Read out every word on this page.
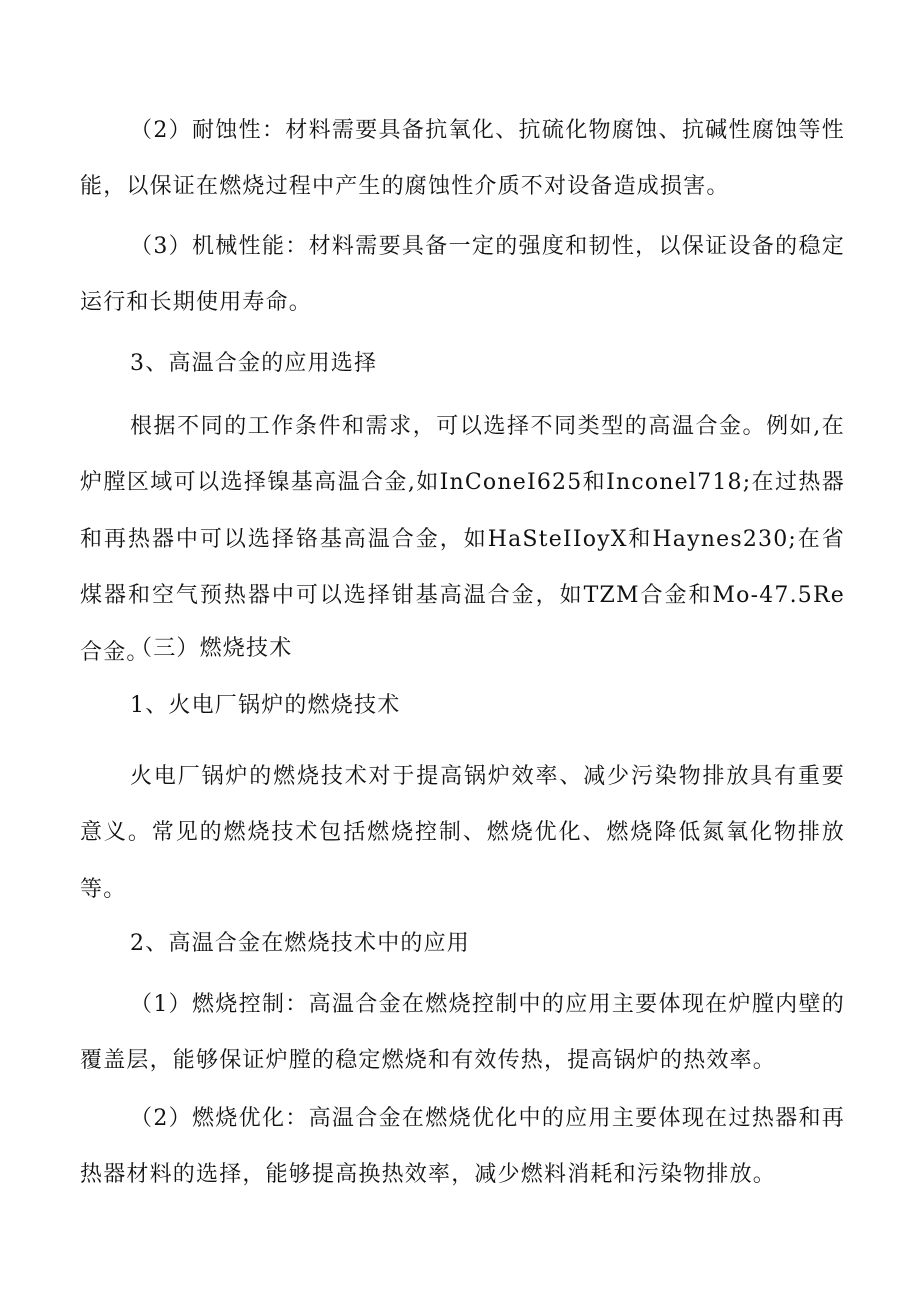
（2）耐蚀性：材料需要具备抗氧化、抗硫化物腐蚀、抗碱性腐蚀等性能，以保证在燃烧过程中产生的腐蚀性介质不对设备造成损害。

（3）机械性能：材料需要具备一定的强度和韧性，以保证设备的稳定运行和长期使用寿命。

3、高温合金的应用选择

根据不同的工作条件和需求，可以选择不同类型的高温合金。例如,在炉膛区域可以选择镍基高温合金,如InConeI625和Inconel718;在过热器和再热器中可以选择铬基高温合金，如HaSteIIoyX和Haynes230;在省煤器和空气预热器中可以选择钳基高温合金，如TZM合金和Mo-47.5Re合金。

（三）燃烧技术

1、火电厂锅炉的燃烧技术

火电厂锅炉的燃烧技术对于提高锅炉效率、减少污染物排放具有重要意义。常见的燃烧技术包括燃烧控制、燃烧优化、燃烧降低氮氧化物排放等。

2、高温合金在燃烧技术中的应用

（1）燃烧控制：高温合金在燃烧控制中的应用主要体现在炉膛内壁的覆盖层，能够保证炉膛的稳定燃烧和有效传热，提高锅炉的热效率。

（2）燃烧优化：高温合金在燃烧优化中的应用主要体现在过热器和再热器材料的选择，能够提高换热效率，减少燃料消耗和污染物排放。
